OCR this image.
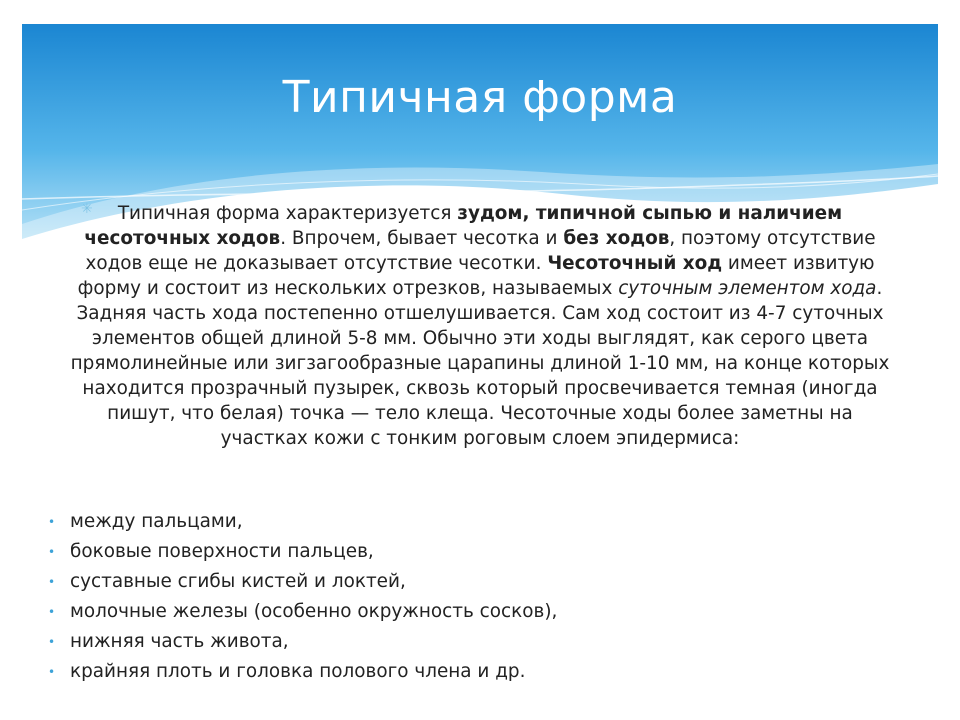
Типичная форма
✳	Типичная форма характеризуется зудом, типичной сыпью и наличием чесоточных ходов. Впрочем, бывает чесотка и без ходов, поэтому отсутствие ходов еще не доказывает отсутствие чесотки. Чесоточный ход имеет извитую форму и состоит из нескольких отрезков, называемых суточным элементом хода. Задняя часть хода постепенно отшелушивается. Сам ход состоит из 4-7 суточных элементов общей длиной 5-8 мм. Обычно эти ходы выглядят, как серого цвета прямолинейные или зигзагообразные царапины длиной 1-10 мм, на конце которых находится прозрачный пузырек, сквозь который просвечивается темная (иногда пишут, что белая) точка — тело клеща. Чесоточные ходы более заметны на участках кожи с тонким роговым слоем эпидермиса:

• между пальцами,
• боковые поверхности пальцев,
• суставные сгибы кистей и локтей,
• молочные железы (особенно окружность сосков),
• нижняя часть живота,
• крайняя плоть и головка полового члена и др.
